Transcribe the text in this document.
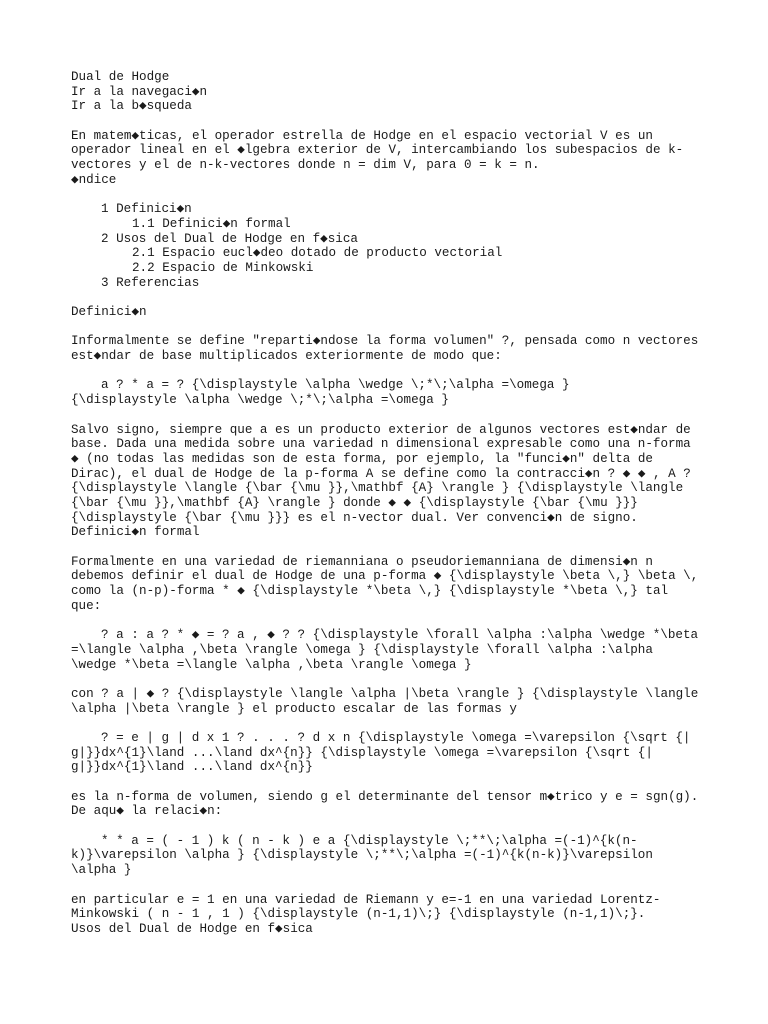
Dual de Hodge
Ir a la navegaci◆n
Ir a la b◆squeda
En matem◆ticas, el operador estrella de Hodge en el espacio vectorial V es un
operador lineal en el ◆lgebra exterior de V, intercambiando los subespacios de k-
vectores y el de n-k-vectores donde n = dim V, para 0 = k = n.
◆ndice
1 Definici◆n
1.1 Definici◆n formal
2 Usos del Dual de Hodge en f◆sica
2.1 Espacio eucl◆deo dotado de producto vectorial
2.2 Espacio de Minkowski
3 Referencias
Definici◆n
Informalmente se define "reparti◆ndose la forma volumen" ?, pensada como n vectores
est◆ndar de base multiplicados exteriormente de modo que:
a ? * a = ? {\displaystyle \alpha \wedge \;*\;\alpha =\omega }
{\displaystyle \alpha \wedge \;*\;\alpha =\omega }
Salvo signo, siempre que a es un producto exterior de algunos vectores est◆ndar de
base. Dada una medida sobre una variedad n dimensional expresable como una n-forma
◆ (no todas las medidas son de esta forma, por ejemplo, la "funci◆n" delta de
Dirac), el dual de Hodge de la p-forma A se define como la contracci◆n ? ◆ ◆ , A ?
{\displaystyle \langle {\bar {\mu }},\mathbf {A} \rangle } {\displaystyle \langle
{\bar {\mu }},\mathbf {A} \rangle } donde ◆ ◆ {\displaystyle {\bar {\mu }}}
{\displaystyle {\bar {\mu }}} es el n-vector dual. Ver convenci◆n de signo.
Definici◆n formal
Formalmente en una variedad de riemanniana o pseudoriemanniana de dimensi◆n n
debemos definir el dual de Hodge de una p-forma ◆ {\displaystyle \beta \,} \beta \,
como la (n-p)-forma * ◆ {\displaystyle *\beta \,} {\displaystyle *\beta \,} tal
que:
? a : a ? * ◆ = ? a , ◆ ? ? {\displaystyle \forall \alpha :\alpha \wedge *\beta
=\langle \alpha ,\beta \rangle \omega } {\displaystyle \forall \alpha :\alpha
\wedge *\beta =\langle \alpha ,\beta \rangle \omega }
con ? a | ◆ ? {\displaystyle \langle \alpha |\beta \rangle } {\displaystyle \langle
\alpha |\beta \rangle } el producto escalar de las formas y
? = e | g | d x 1 ? . . . ? d x n {\displaystyle \omega =\varepsilon {\sqrt {|
g|}}dx^{1}\land ...\land dx^{n}} {\displaystyle \omega =\varepsilon {\sqrt {|
g|}}dx^{1}\land ...\land dx^{n}}
es la n-forma de volumen, siendo g el determinante del tensor m◆trico y e = sgn(g).
De aqu◆ la relaci◆n:
* * a = ( - 1 ) k ( n - k ) e a {\displaystyle \;**\;\alpha =(-1)^{k(n-
k)}\varepsilon \alpha } {\displaystyle \;**\;\alpha =(-1)^{k(n-k)}\varepsilon
\alpha }
en particular e = 1 en una variedad de Riemann y e=-1 en una variedad Lorentz-
Minkowski ( n - 1 , 1 ) {\displaystyle (n-1,1)\;} {\displaystyle (n-1,1)\;}.
Usos del Dual de Hodge en f◆sica
